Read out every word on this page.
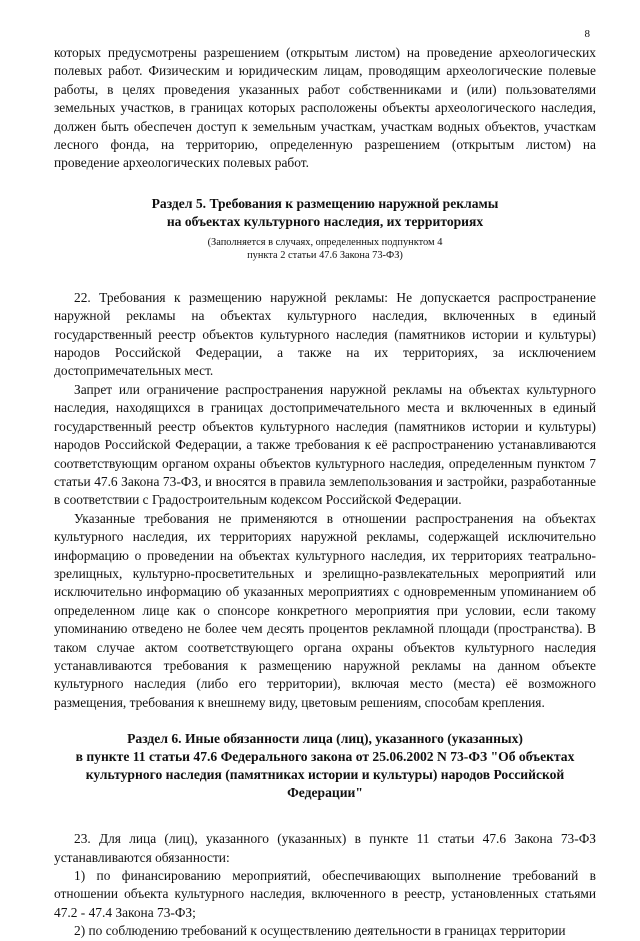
8

которых предусмотрены разрешением (открытым листом) на проведение археологических полевых работ. Физическим и юридическим лицам, проводящим археологические полевые работы, в целях проведения указанных работ собственниками и (или) пользователями земельных участков, в границах которых расположены объекты археологического наследия, должен быть обеспечен доступ к земельным участкам, участкам водных объектов, участкам лесного фонда, на территорию, определенную разрешением (открытым листом) на проведение археологических полевых работ.

Раздел 5. Требования к размещению наружной рекламы

на объектах культурного наследия, их территориях

(Заполняется в случаях, определенных подпунктом 4

пункта 2 статьи 47.6 Закона 73-ФЗ)

22. Требования к размещению наружной рекламы: Не допускается распространение наружной рекламы на объектах культурного наследия, включенных в единый государственный реестр объектов культурного наследия (памятников истории и культуры) народов Российской Федерации, а также на их территориях, за исключением достопримечательных мест.

Запрет или ограничение распространения наружной рекламы на объектах культурного наследия, находящихся в границах достопримечательного места и включенных в единый государственный реестр объектов культурного наследия (памятников истории и культуры) народов Российской Федерации, а также требования к её распространению устанавливаются соответствующим органом охраны объектов культурного наследия, определенным пунктом 7 статьи 47.6 Закона 73-ФЗ, и вносятся в правила землепользования и застройки, разработанные в соответствии с Градостроительным кодексом Российской Федерации.

Указанные требования не применяются в отношении распространения на объектах культурного наследия, их территориях наружной рекламы, содержащей исключительно информацию о проведении на объектах культурного наследия, их территориях театрально-зрелищных, культурно-просветительных и зрелищно-развлекательных мероприятий или исключительно информацию об указанных мероприятиях с одновременным упоминанием об определенном лице как о спонсоре конкретного мероприятия при условии, если такому упоминанию отведено не более чем десять процентов рекламной площади (пространства). В таком случае актом соответствующего органа охраны объектов культурного наследия устанавливаются требования к размещению наружной рекламы на данном объекте культурного наследия (либо его территории), включая место (места) её возможного размещения, требования к внешнему виду, цветовым решениям, способам крепления.

Раздел 6. Иные обязанности лица (лиц), указанного (указанных)

в пункте 11 статьи 47.6 Федерального закона от 25.06.2002 N 73-ФЗ "Об объектах

культурного наследия (памятниках истории и культуры) народов Российской

Федерации"

23. Для лица (лиц), указанного (указанных) в пункте 11 статьи 47.6 Закона 73-ФЗ устанавливаются обязанности:

1) по финансированию мероприятий, обеспечивающих выполнение требований в отношении объекта культурного наследия, включенного в реестр, установленных статьями 47.2 - 47.4 Закона 73-ФЗ;

2) по соблюдению требований к осуществлению деятельности в границах территории
